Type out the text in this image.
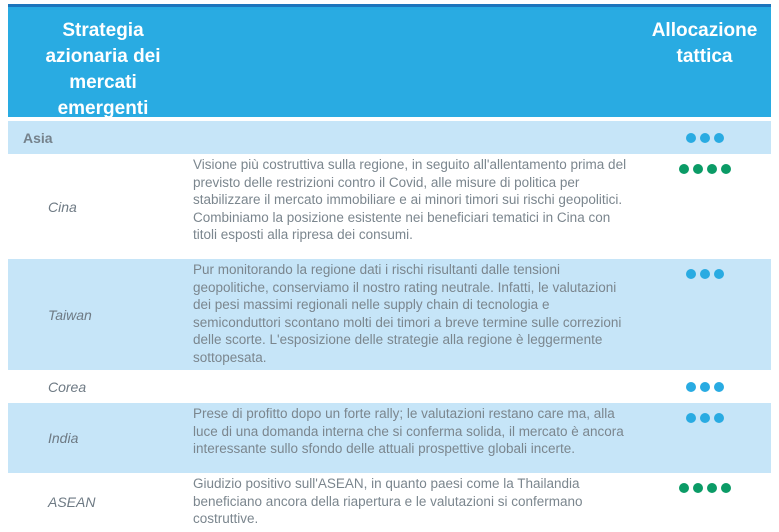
Strategia azionaria dei mercati emergenti
Allocazione tattica
Asia
Cina
Visione più costruttiva sulla regione, in seguito all'allentamento prima del previsto delle restrizioni contro il Covid, alle misure di politica per stabilizzare il mercato immobiliare e ai minori timori sui rischi geopolitici. Combiniamo la posizione esistente nei beneficiari tematici in Cina con titoli esposti alla ripresa dei consumi.
Taiwan
Pur monitorando la regione dati i rischi risultanti dalle tensioni geopolitiche, conserviamo il nostro rating neutrale. Infatti, le valutazioni dei pesi massimi regionali nelle supply chain di tecnologia e semiconduttori scontano molti dei timori a breve termine sulle correzioni delle scorte. L'esposizione delle strategie alla regione è leggermente sottopesata.
Corea
India
Prese di profitto dopo un forte rally; le valutazioni restano care ma, alla luce di una domanda interna che si conferma solida, il mercato è ancora interessante sullo sfondo delle attuali prospettive globali incerte.
ASEAN
Giudizio positivo sull'ASEAN, in quanto paesi come la Thailandia beneficiano ancora della riapertura e le valutazioni si confermano costruttive.
